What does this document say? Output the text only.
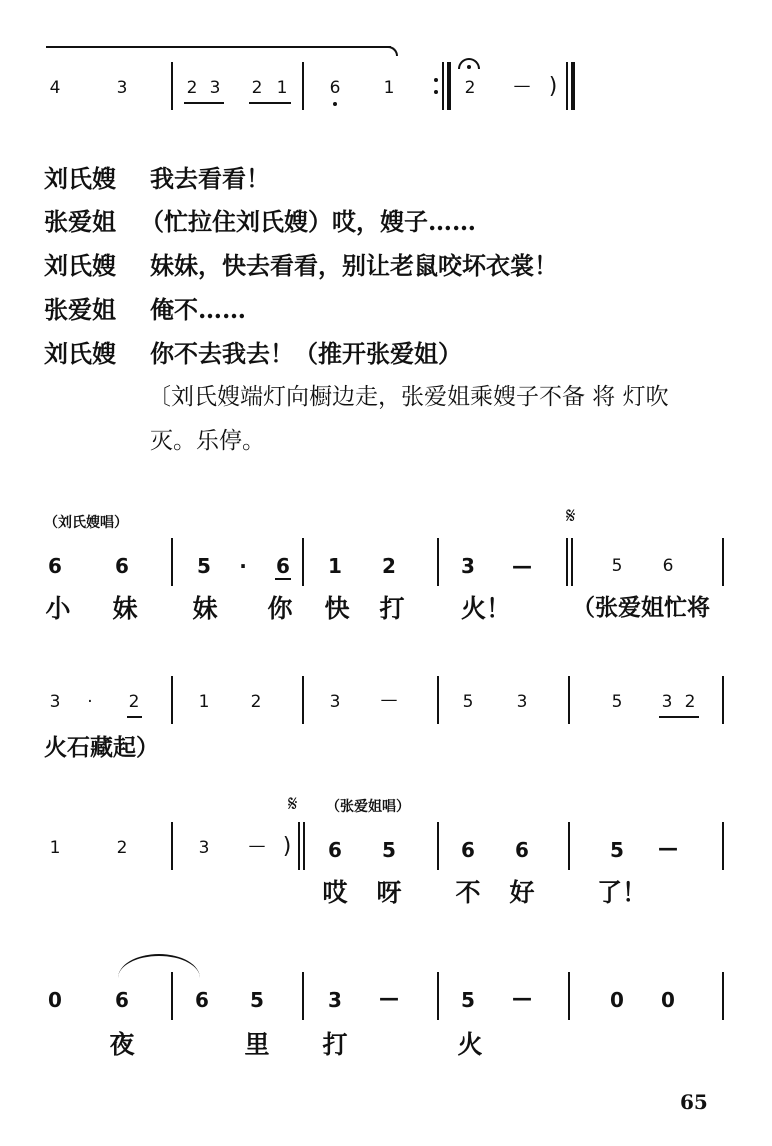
4	3	2 3 2 1 6	1	2 — )
刘氏嫂 我去看看！
张爱姐 （忙拉住刘氏嫂）哎，嫂子……
刘氏嫂 妹妹，快去看看，别让老鼠咬坏衣裳！
张爱姐 俺不……
刘氏嫂 你不去我去！（推开张爱姐）
〔刘氏嫂端灯向橱边走，张爱姐乘嫂子不备 将 灯吹
灭。乐停。
（刘氏嫂唱）	𝄋
6	6	5 · 6 1 2	3 —	5 6
小 妹 妹 你 快 打 火！	（张爱姐忙将
3 · 2	1 2	3 —	5	3	5 3 2
火石藏起）
𝄋 （张爱姐唱）
1	2	3 — ) 6 5	6 6	5 —
哎 呀 不 好 了！
0	6	6 5	3 —	5 —	0 0
夜	里 打	火
65
